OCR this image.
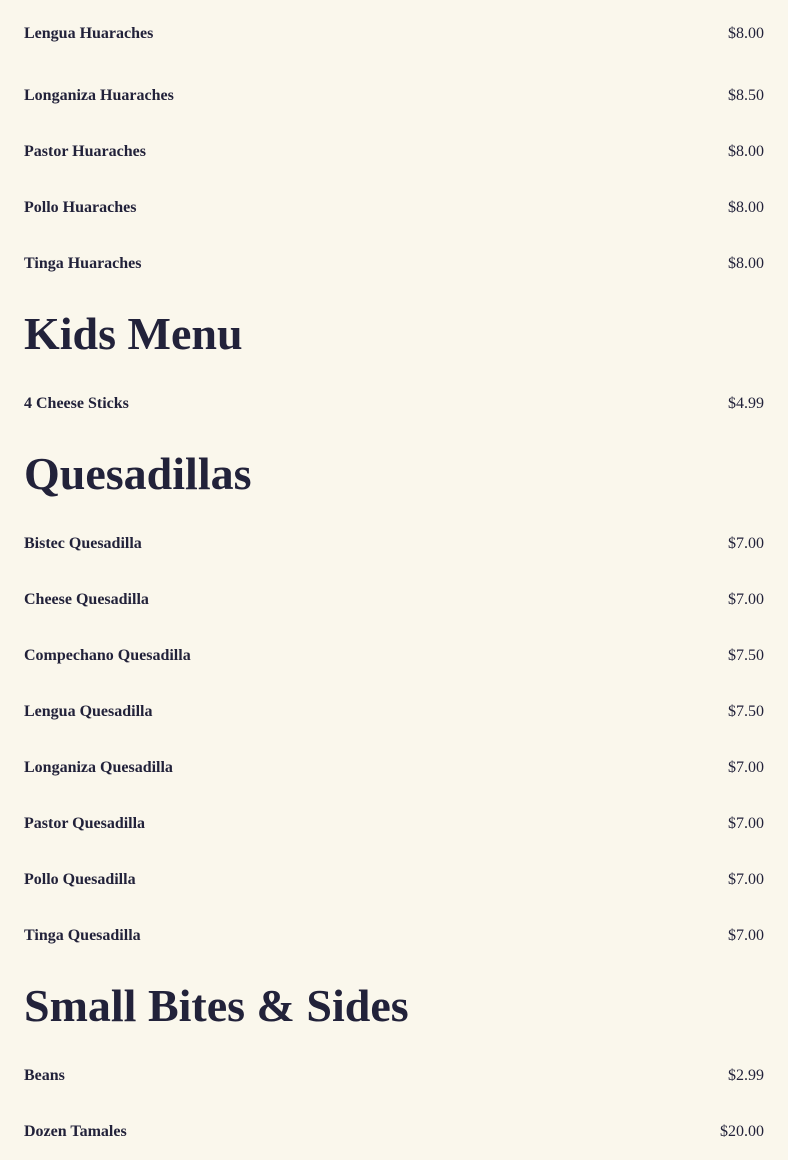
Lengua Huaraches	$8.00
Longaniza Huaraches	$8.50
Pastor Huaraches	$8.00
Pollo Huaraches	$8.00
Tinga Huaraches	$8.00
Kids Menu
4 Cheese Sticks	$4.99
Quesadillas
Bistec Quesadilla	$7.00
Cheese Quesadilla	$7.00
Compechano Quesadilla	$7.50
Lengua Quesadilla	$7.50
Longaniza Quesadilla	$7.00
Pastor Quesadilla	$7.00
Pollo Quesadilla	$7.00
Tinga Quesadilla	$7.00
Small Bites & Sides
Beans	$2.99
Dozen Tamales	$20.00
